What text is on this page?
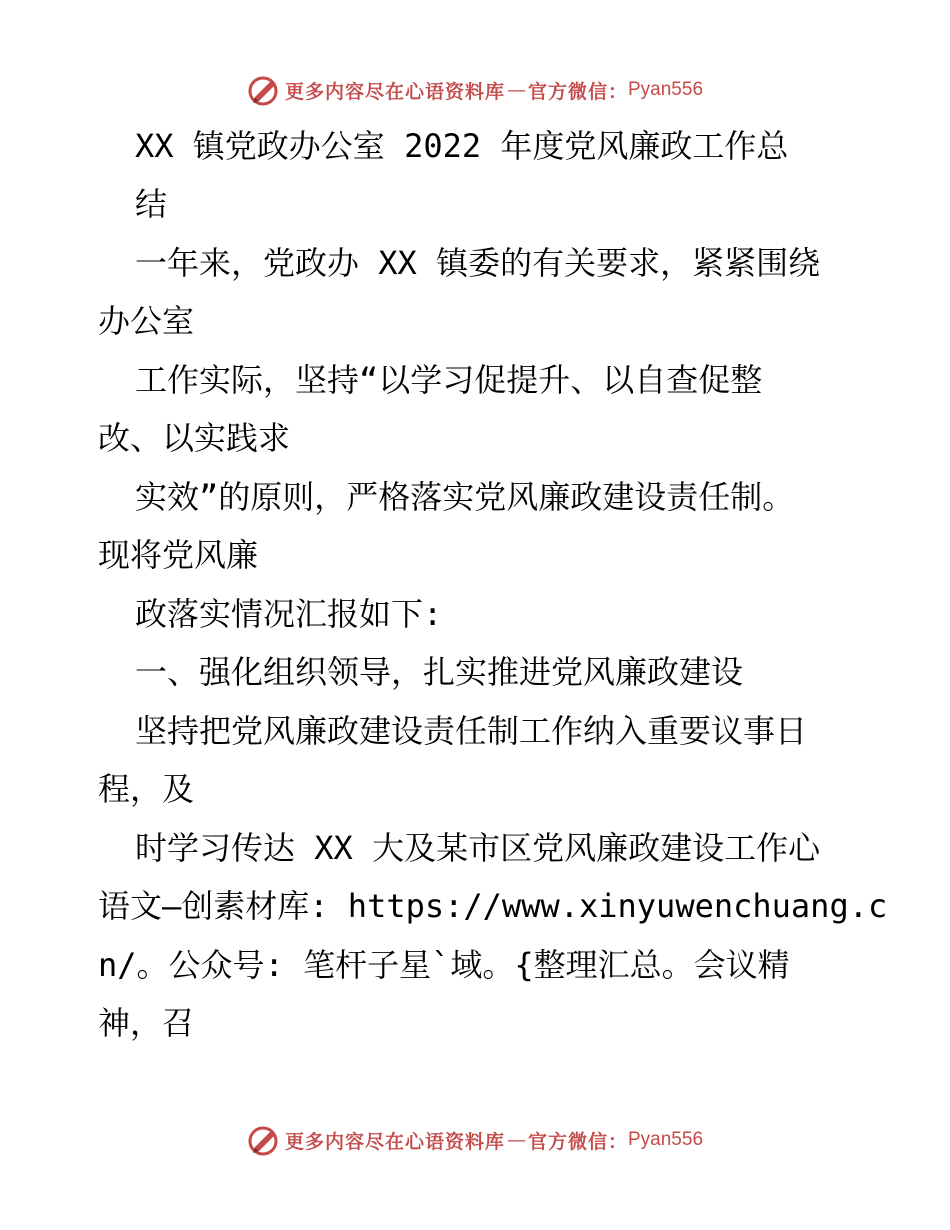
更多内容尽在心语资料库 — 官方微信： Pyan556
XX 镇党政办公室 2022 年度党风廉政工作总
结
一年来，党政办 XX 镇委的有关要求，紧紧围绕
办公室
工作实际，坚持“以学习促提升、以自查促整
改、以实践求
实效”的原则，严格落实党风廉政建设责任制。
现将党风廉
政落实情况汇报如下:
一、强化组织领导，扎实推进党风廉政建设
坚持把党风廉政建设责任制工作纳入重要议事日
程，及
时学习传达 XX 大及某市区党风廉政建设工作心
语文—创素材库: https://www.xinyuwenchuang.c
n/。公众号: 笔杆子星`域。{整理汇总。会议精
神，召
更多内容尽在心语资料库 — 官方微信： Pyan556
